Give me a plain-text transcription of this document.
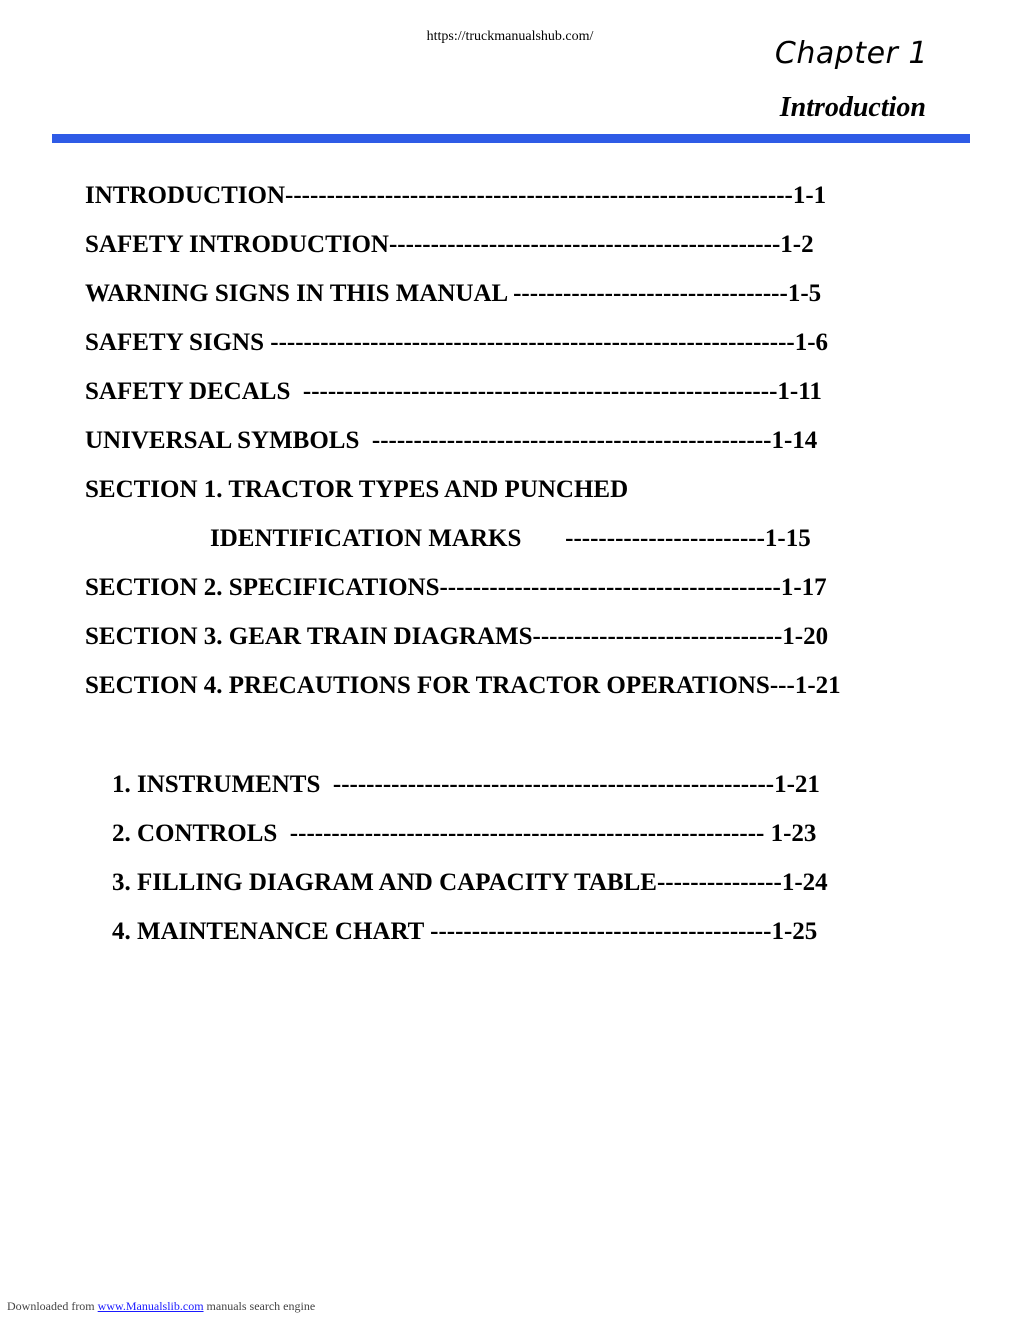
https://truckmanualshub.com/	Chapter 1
Introduction
INTRODUCTION-------------------------------------------------------------1-1
SAFETY INTRODUCTION-----------------------------------------------1-2
WARNING SIGNS IN THIS MANUAL ---------------------------------1-5
SAFETY SIGNS ---------------------------------------------------------------1-6
SAFETY DECALS  ---------------------------------------------------------1-11
UNIVERSAL SYMBOLS  ------------------------------------------------1-14
SECTION 1. TRACTOR TYPES AND PUNCHED
IDENTIFICATION MARKS       ------------------------1-15
SECTION 2. SPECIFICATIONS-----------------------------------------1-17
SECTION 3. GEAR TRAIN DIAGRAMS------------------------------1-20
SECTION 4. PRECAUTIONS FOR TRACTOR OPERATIONS---1-21
1. INSTRUMENTS  -----------------------------------------------------1-21
2. CONTROLS  --------------------------------------------------------- 1-23
3. FILLING DIAGRAM AND CAPACITY TABLE---------------1-24
4. MAINTENANCE CHART -----------------------------------------1-25
Downloaded from www.Manualslib.com manuals search engine
